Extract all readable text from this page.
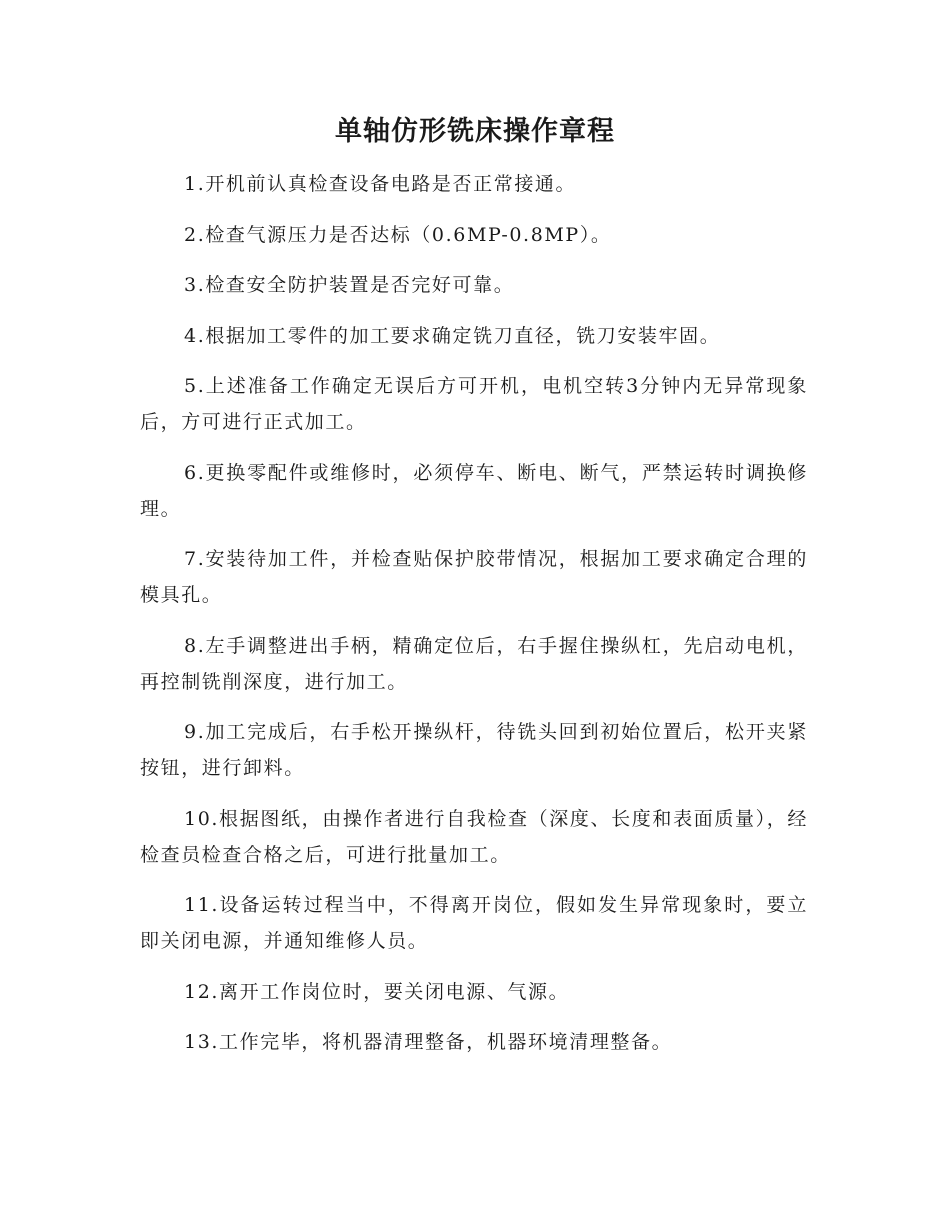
单轴仿形铣床操作章程
1.开机前认真检查设备电路是否正常接通。
2.检查气源压力是否达标（0.6MP-0.8MP）。
3.检查安全防护装置是否完好可靠。
4.根据加工零件的加工要求确定铣刀直径，铣刀安装牢固。
5.上述准备工作确定无误后方可开机，电机空转3分钟内无异常现象后，方可进行正式加工。
6.更换零配件或维修时，必须停车、断电、断气，严禁运转时调换修理。
7.安装待加工件，并检查贴保护胶带情况，根据加工要求确定合理的模具孔。
8.左手调整进出手柄，精确定位后，右手握住操纵杠，先启动电机，再控制铣削深度，进行加工。
9.加工完成后，右手松开操纵杆，待铣头回到初始位置后，松开夹紧按钮，进行卸料。
10.根据图纸，由操作者进行自我检查（深度、长度和表面质量），经检查员检查合格之后，可进行批量加工。
11.设备运转过程当中，不得离开岗位，假如发生异常现象时，要立即关闭电源，并通知维修人员。
12.离开工作岗位时，要关闭电源、气源。
13.工作完毕，将机器清理整备，机器环境清理整备。
